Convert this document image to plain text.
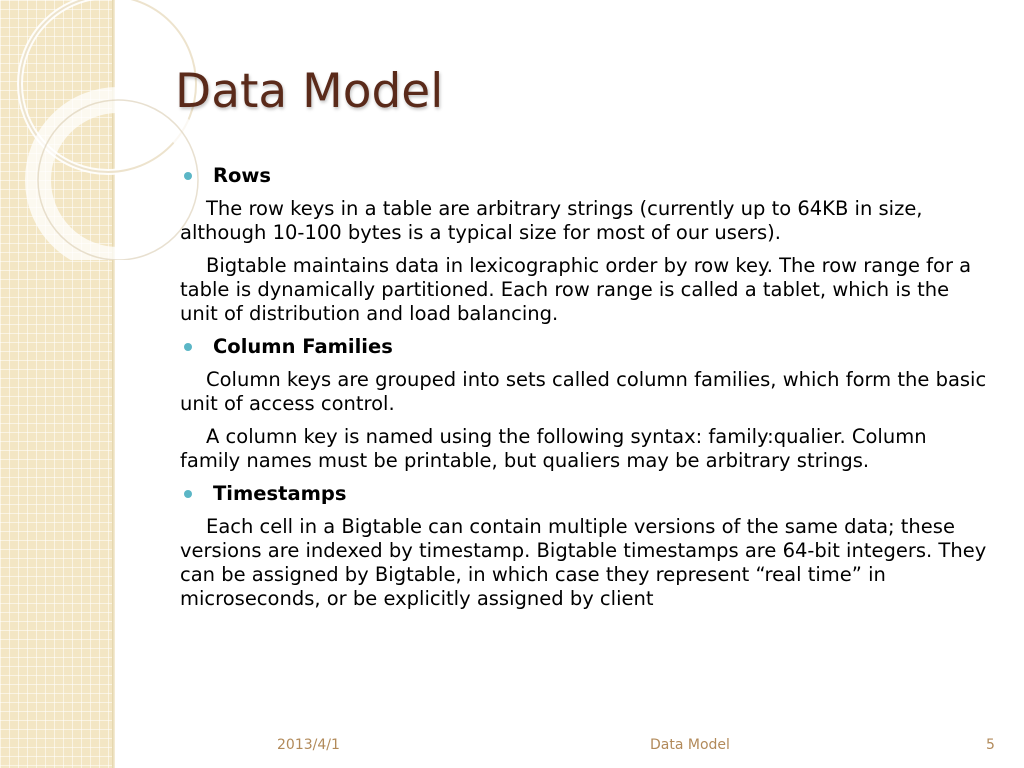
Data Model
Rows

The row keys in a table are arbitrary strings (currently up to 64KB in size, although 10-100 bytes is a typical size for most of our users).

Bigtable maintains data in lexicographic order by row key. The row range for a table is dynamically partitioned. Each row range is called a tablet, which is the unit of distribution and load balancing.

Column Families

Column keys are grouped into sets called column families, which form the basic unit of access control.

A column key is named using the following syntax: family:qualier. Column family names must be printable, but qualiers may be arbitrary strings.

Timestamps

Each cell in a Bigtable can contain multiple versions of the same data; these versions are indexed by timestamp. Bigtable timestamps are 64-bit integers. They can be assigned by Bigtable, in which case they represent “real time” in microseconds, or be explicitly assigned by client

2013/4/1	Data Model	5
